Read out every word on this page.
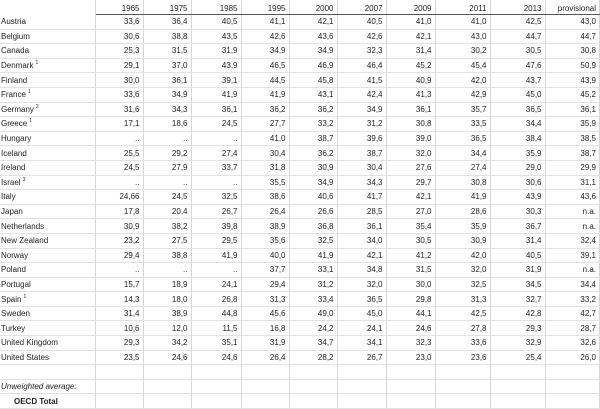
	1965	1975	1985	1995	2000	2007	2009	2011	2013	provisional
Austria	33,6	36,4	40,5	41,1	42,1	40,5	41,0	41,0	42,5	43,0
Belgium	30,6	38,8	43,5	42,6	43,6	42,6	42,1	43,0	44,7	44,7
Canada	25,3	31,5	31,9	34,9	34,9	32,3	31,4	30,2	30,5	30,8
Denmark $^1$	29,1	37,0	43,9	46,5	46,9	46,4	45,2	45,4	47,6	50,9
Finland	30,0	36,1	39,1	44,5	45,8	41,5	40,9	42,0	43,7	43,9
France $^1$	33,6	34,9	41,9	41,9	43,1	42,4	41,3	42,9	45,0	45,2
Germany $^2$	31,6	34,3	36,1	36,2	36,2	34,9	36,1	35,7	36,5	36,1
Greece $^1$	17,1	18,6	24,5	27,7	33,2	31,2	30,8	33,5	34,4	35,9
Hungary	..	..	..	41,0	38,7	39,6	39,0	36,5	38,4	38,5
Iceland	25,5	29,2	27,4	30,4	36,2	38,7	32,0	34,4	35,9	38,7
Ireland	24,5	27,9	33,7	31,8	30,9	30,4	27,6	27,4	29,0	29,9
Israel $^3$	..	..	..	35,5	34,9	34,3	29,7	30,8	30,6	31,1
Italy	24,66	24,5	32,5	38,6	40,6	41,7	42,1	41,9	43,9	43,6
Japan	17,8	20,4	26,7	26,4	26,6	28,5	27,0	28,6	30,3	n.a.
Netherlands	30,9	38,2	39,8	38,9	36,8	36,1	35,4	35,9	36,7	n.a.
New Zealand	23,2	27,5	29,5	35,6	32,5	34,0	30,5	30,9	31,4	32,4
Norway	29,4	38,8	41,9	40,0	41,9	42,1	41,2	42,0	40,5	39,1
Poland	..	..	..	37,7	33,1	34,8	31,5	32,0	31,9	n.a.
Portugal	15,7	18,9	24,1	29,4	31,2	32,0	30,0	32,5	34,5	34,4
Spain $^1$	14,3	18,0	26,8	31,3	33,4	36,5	29,8	31,3	32,7	33,2
Sweden	31,4	38,9	44,8	45,6	49,0	45,0	44,1	42,5	42,8	42,7
Turkey	10,6	12,0	11,5	16,8	24,2	24,1	24,6	27,8	29,3	28,7
United Kingdom	29,3	34,2	35,1	31,9	34,7	34,1	32,3	33,6	32,9	32,6
United States	23,5	24,6	24,6	26,4	28,2	26,7	23,0	23,6	25,4	26,0

Unweighted average:										
OECD Total										
